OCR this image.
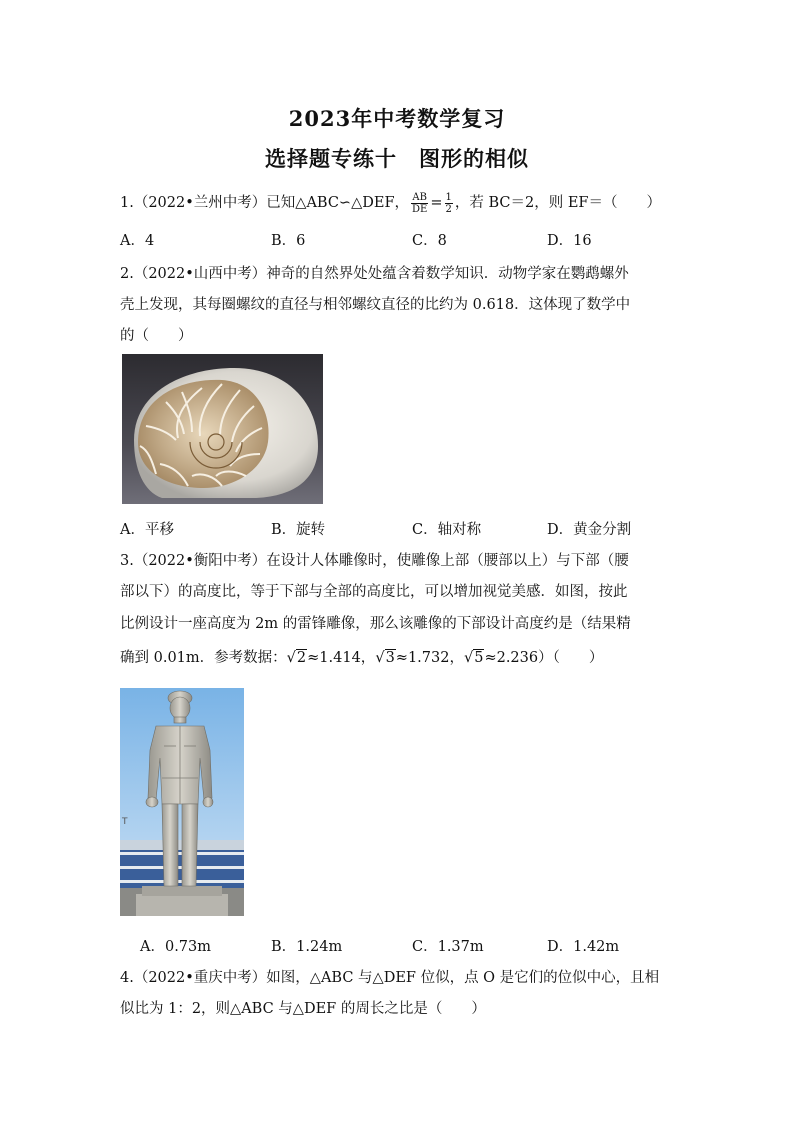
2023年中考数学复习
选择题专练十　图形的相似
1.（2022•兰州中考）已知△ABC∽△DEF， $\frac{AB}{DE} = \frac{1}{2}$ ，若 BC＝2，则 EF＝（　　）
A．4	B．6	C．8	D．16
2.（2022•山西中考）神奇的自然界处处蕴含着数学知识．动物学家在鹦鹉螺外
壳上发现，其每圈螺纹的直径与相邻螺纹直径的比约为 0.618．这体现了数学中
的（　　）
A．平移	B．旋转	C．轴对称	D．黄金分割
3.（2022•衡阳中考）在设计人体雕像时，使雕像上部（腰部以上）与下部（腰
部以下）的高度比，等于下部与全部的高度比，可以增加视觉美感．如图，按此
比例设计一座高度为 2m 的雷锋雕像，那么该雕像的下部设计高度约是（结果精
确到 0.01m．参考数据：√2≈1.414，√3≈1.732，√5≈2.236）（　　）
T
A．0.73m	B．1.24m	C．1.37m	D．1.42m
4.（2022•重庆中考）如图，△ABC 与△DEF 位似，点 O 是它们的位似中心，且相
似比为 1：2，则△ABC 与△DEF 的周长之比是（　　）
